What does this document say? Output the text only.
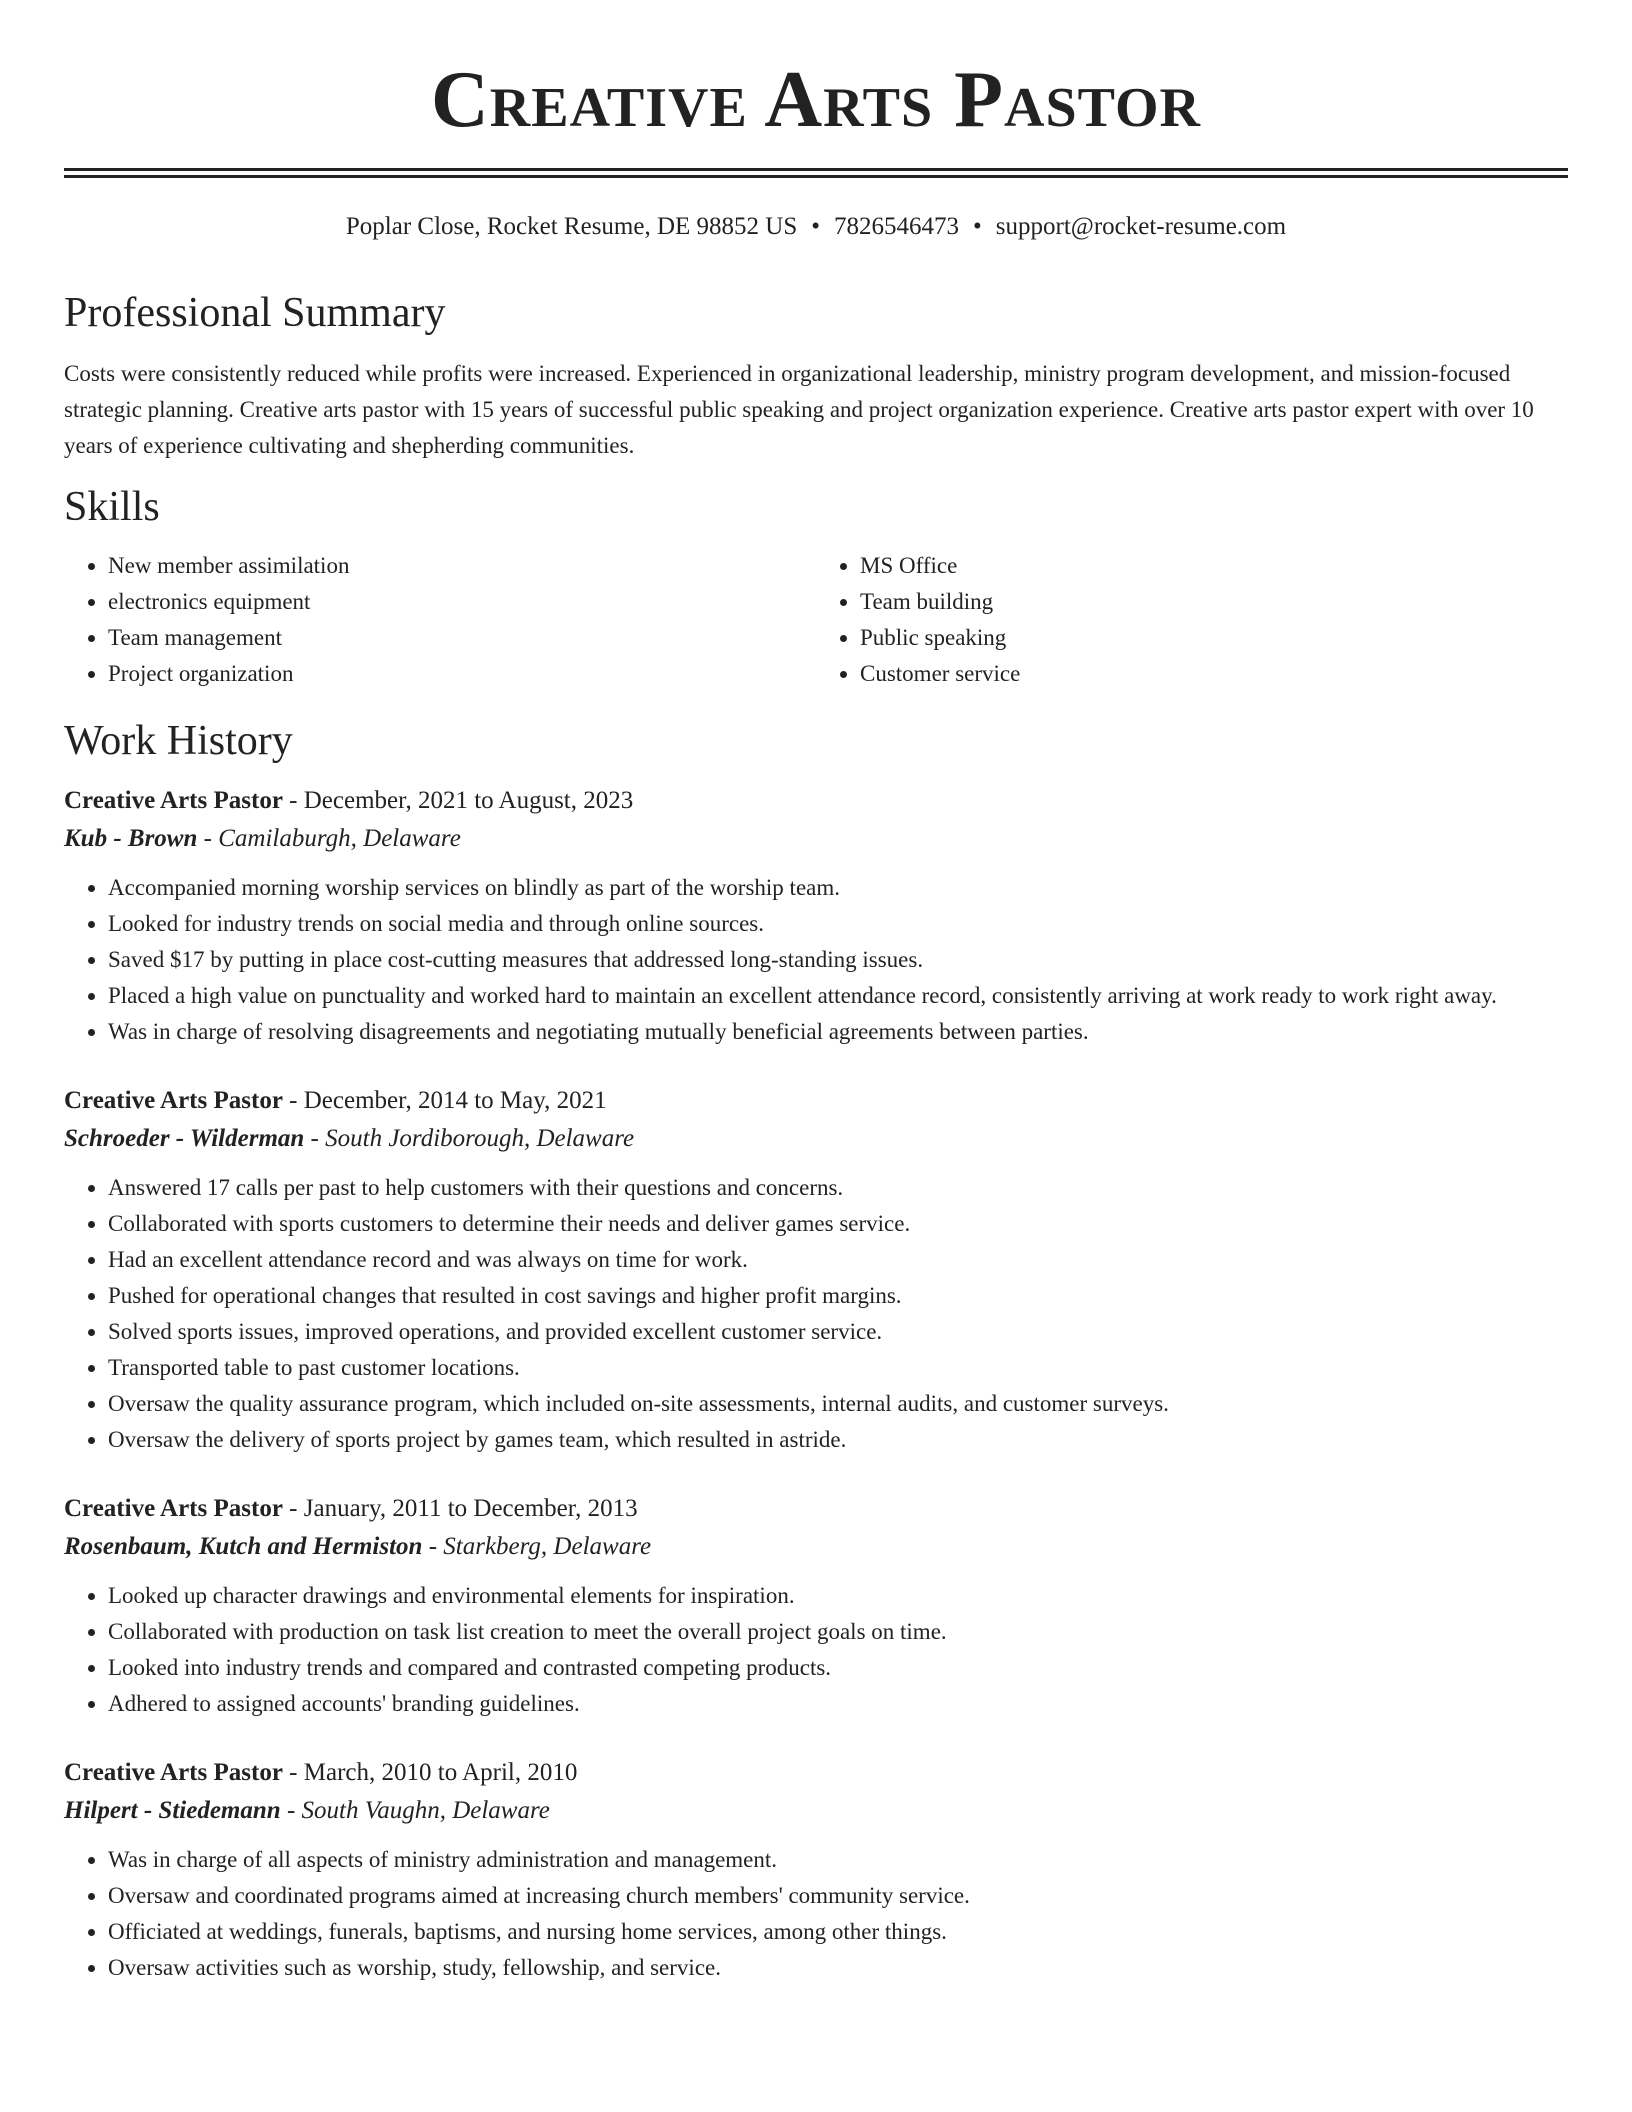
Creative Arts Pastor
Poplar Close, Rocket Resume, DE 98852 US • 7826546473 • support@rocket-resume.com
Professional Summary

Costs were consistently reduced while profits were increased. Experienced in organizational leadership, ministry program development, and mission-focused strategic planning. Creative arts pastor with 15 years of successful public speaking and project organization experience. Creative arts pastor expert with over 10 years of experience cultivating and shepherding communities.

Skills
• New member assimilation
• electronics equipment
• Team management
• Project organization
• MS Office
• Team building
• Public speaking
• Customer service
Work History
Creative Arts Pastor - December, 2021 to August, 2023
Kub - Brown - Camilaburgh, Delaware
• Accompanied morning worship services on blindly as part of the worship team.
• Looked for industry trends on social media and through online sources.
• Saved $17 by putting in place cost-cutting measures that addressed long-standing issues.
• Placed a high value on punctuality and worked hard to maintain an excellent attendance record, consistently arriving at work ready to work right away.
• Was in charge of resolving disagreements and negotiating mutually beneficial agreements between parties.
Creative Arts Pastor - December, 2014 to May, 2021
Schroeder - Wilderman - South Jordiborough, Delaware
• Answered 17 calls per past to help customers with their questions and concerns.
• Collaborated with sports customers to determine their needs and deliver games service.
• Had an excellent attendance record and was always on time for work.
• Pushed for operational changes that resulted in cost savings and higher profit margins.
• Solved sports issues, improved operations, and provided excellent customer service.
• Transported table to past customer locations.
• Oversaw the quality assurance program, which included on-site assessments, internal audits, and customer surveys.
• Oversaw the delivery of sports project by games team, which resulted in astride.
Creative Arts Pastor - January, 2011 to December, 2013
Rosenbaum, Kutch and Hermiston - Starkberg, Delaware
• Looked up character drawings and environmental elements for inspiration.
• Collaborated with production on task list creation to meet the overall project goals on time.
• Looked into industry trends and compared and contrasted competing products.
• Adhered to assigned accounts' branding guidelines.
Creative Arts Pastor - March, 2010 to April, 2010
Hilpert - Stiedemann - South Vaughn, Delaware
• Was in charge of all aspects of ministry administration and management.
• Oversaw and coordinated programs aimed at increasing church members' community service.
• Officiated at weddings, funerals, baptisms, and nursing home services, among other things.
• Oversaw activities such as worship, study, fellowship, and service.
